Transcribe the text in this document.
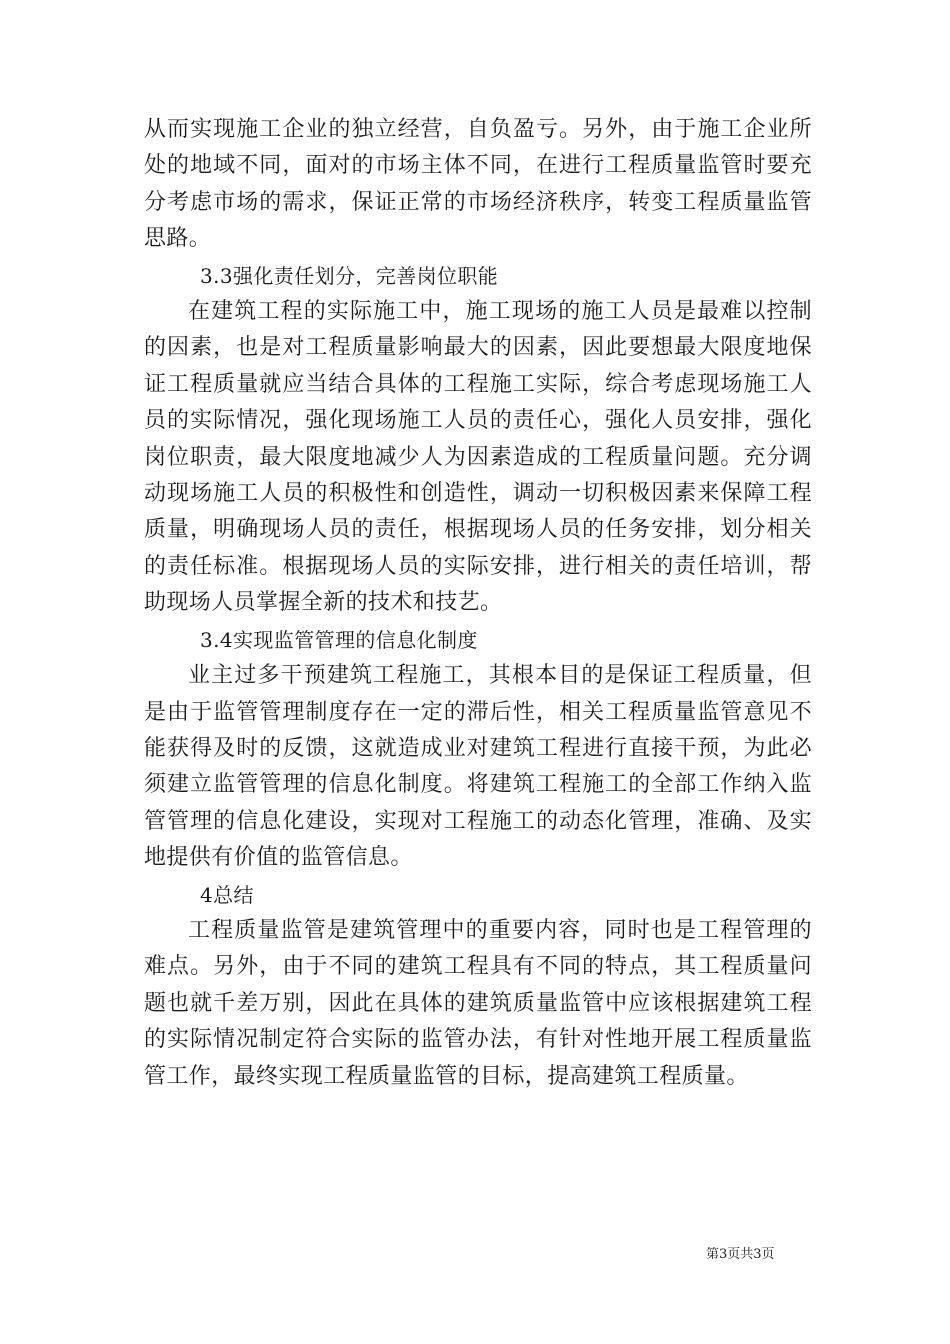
从而实现施工企业的独立经营，自负盈亏。另外，由于施工企业所处的地域不同，面对的市场主体不同，在进行工程质量监管时要充分考虑市场的需求，保证正常的市场经济秩序，转变工程质量监管思路。

3.3强化责任划分，完善岗位职能

在建筑工程的实际施工中，施工现场的施工人员是最难以控制的因素，也是对工程质量影响最大的因素，因此要想最大限度地保证工程质量就应当结合具体的工程施工实际，综合考虑现场施工人员的实际情况，强化现场施工人员的责任心，强化人员安排，强化岗位职责，最大限度地减少人为因素造成的工程质量问题。充分调动现场施工人员的积极性和创造性，调动一切积极因素来保障工程质量，明确现场人员的责任，根据现场人员的任务安排，划分相关的责任标准。根据现场人员的实际安排，进行相关的责任培训，帮助现场人员掌握全新的技术和技艺。

3.4实现监管管理的信息化制度

业主过多干预建筑工程施工，其根本目的是保证工程质量，但是由于监管管理制度存在一定的滞后性，相关工程质量监管意见不能获得及时的反馈，这就造成业对建筑工程进行直接干预，为此必须建立监管管理的信息化制度。将建筑工程施工的全部工作纳入监管管理的信息化建设，实现对工程施工的动态化管理，准确、及实地提供有价值的监管信息。

4总结

工程质量监管是建筑管理中的重要内容，同时也是工程管理的难点。另外，由于不同的建筑工程具有不同的特点，其工程质量问题也就千差万别，因此在具体的建筑质量监管中应该根据建筑工程的实际情况制定符合实际的监管办法，有针对性地开展工程质量监管工作，最终实现工程质量监管的目标，提高建筑工程质量。

第3页共3页
